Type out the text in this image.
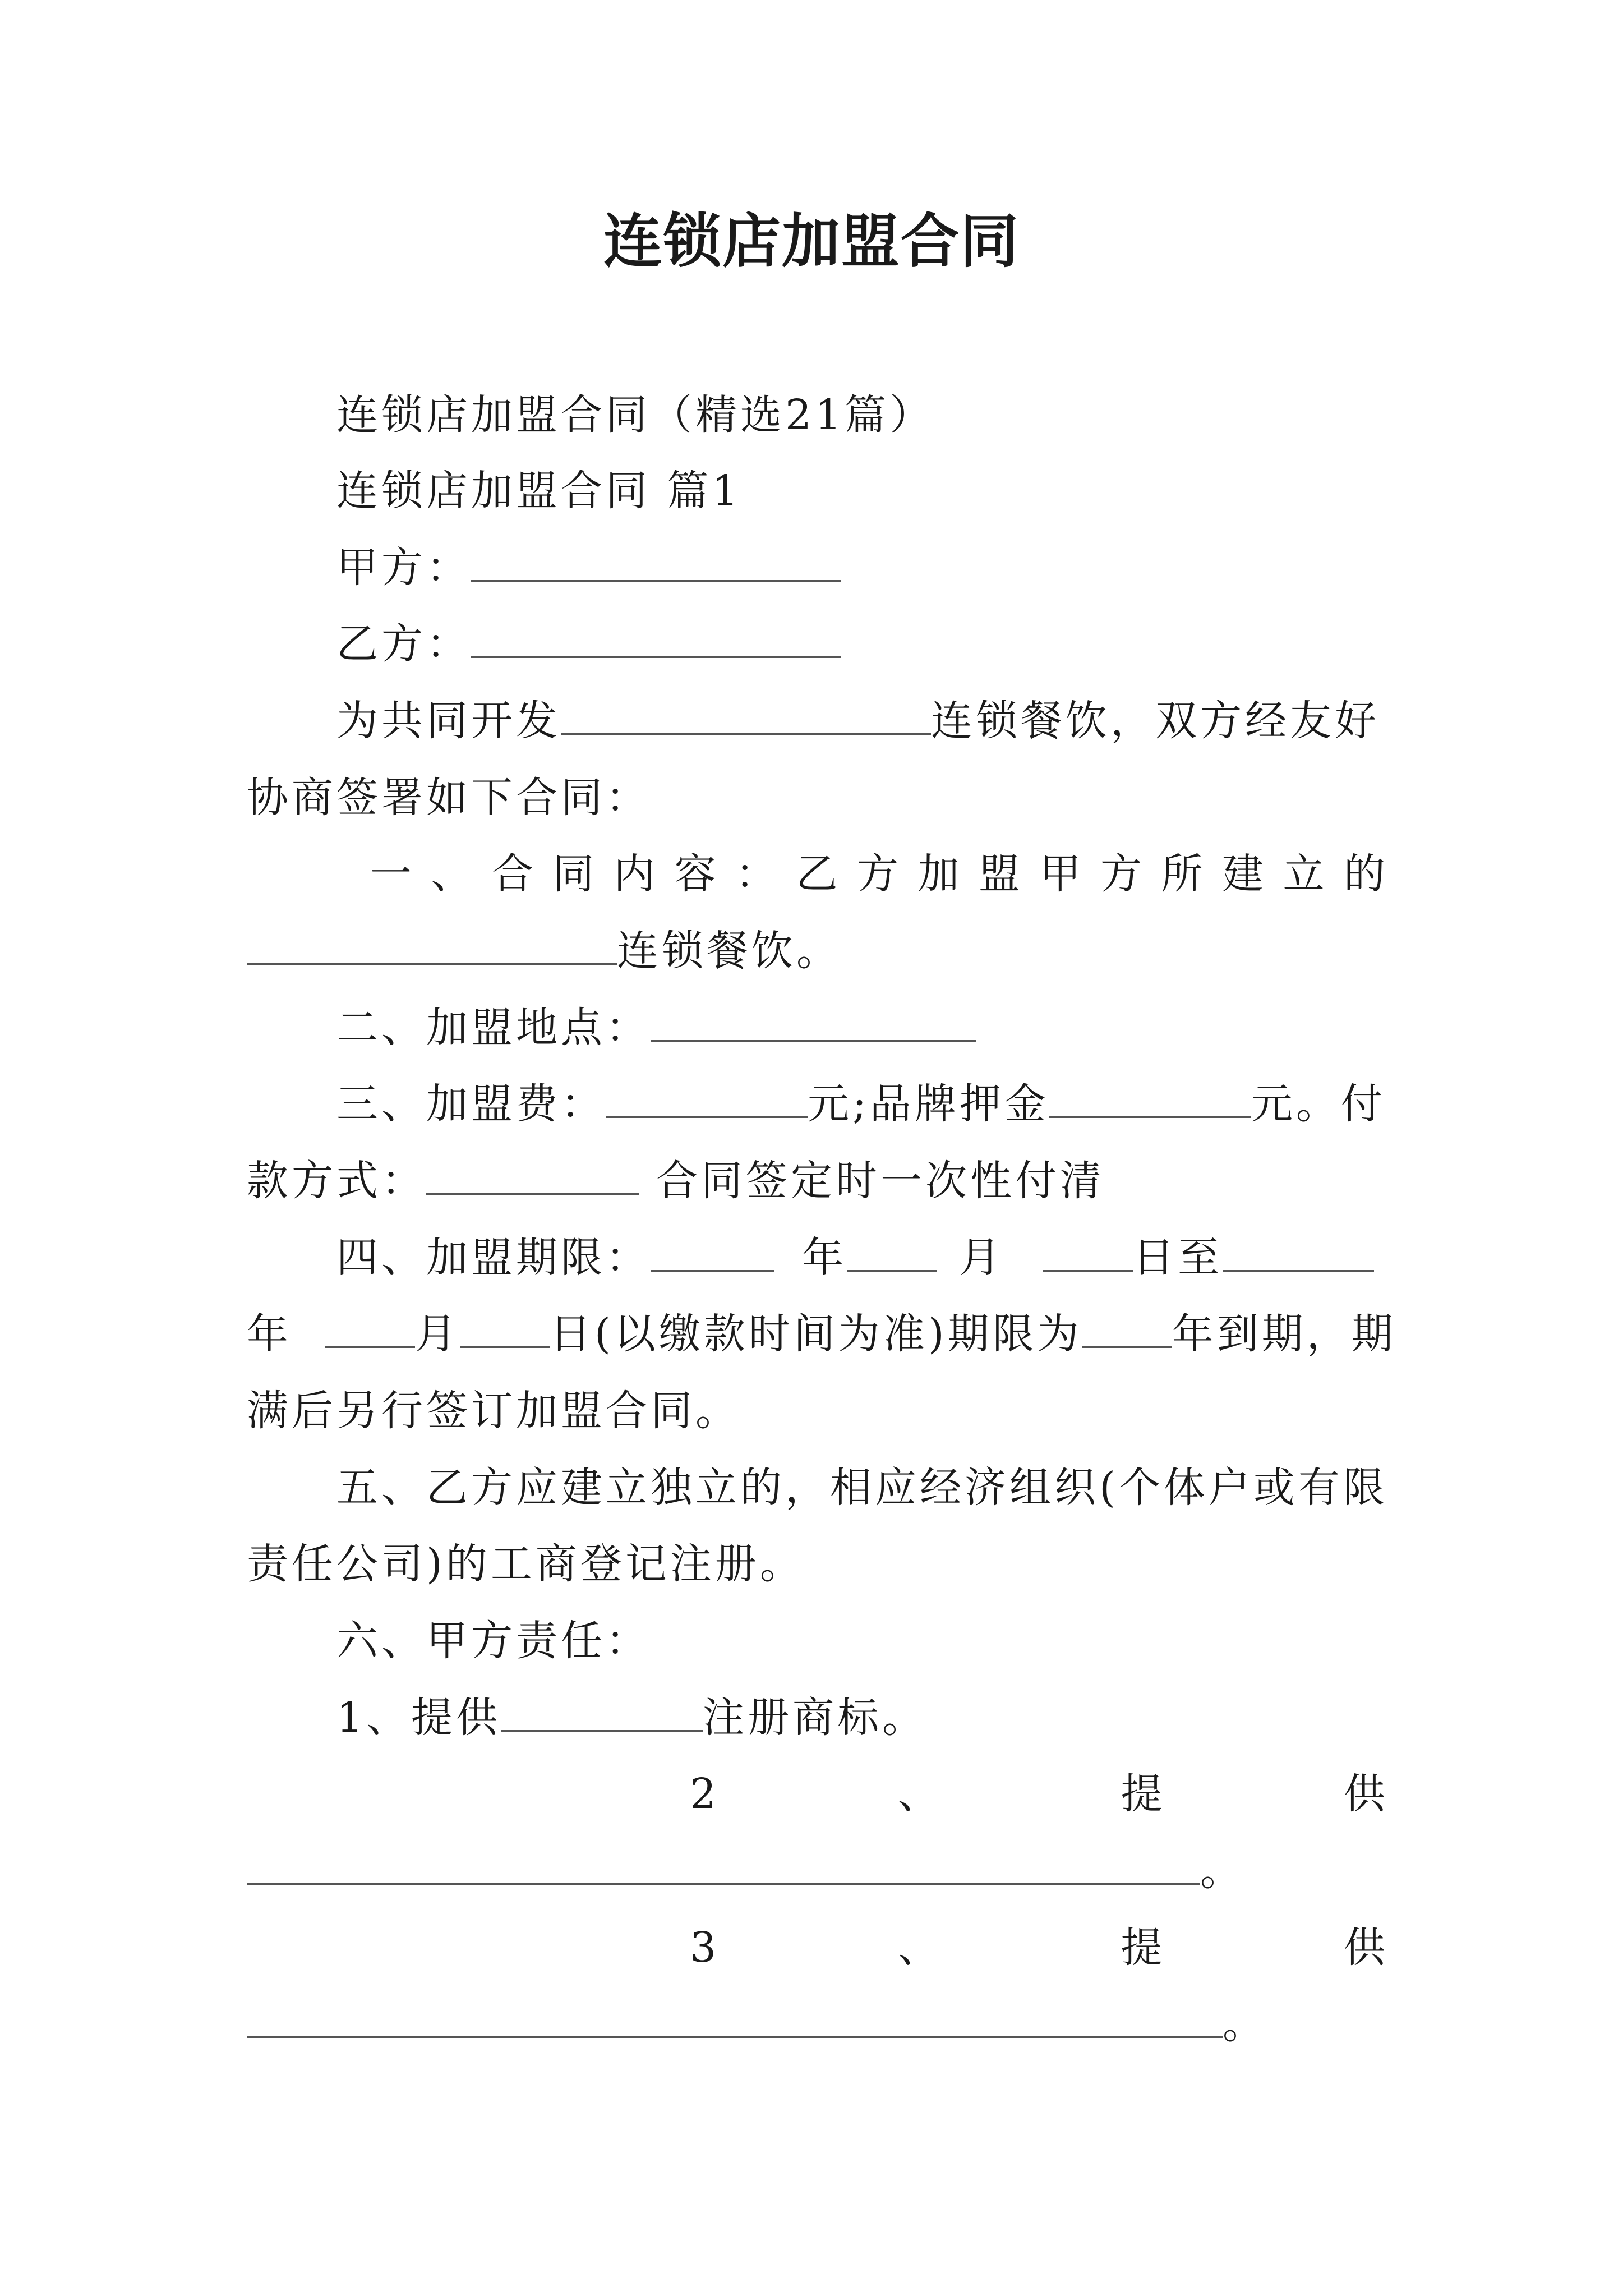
连锁店加盟合同
连锁店加盟合同（精选21篇）
连锁店加盟合同 篇1
甲方：
乙方：
为共同开发	连锁餐饮，双方经友好
协商签署如下合同：
一 、 合 同 内 容 ： 乙 方 加 盟 甲 方 所 建 立 的
连锁餐饮。
二、加盟地点：
三、加盟费：	元;品牌押金	元。付
款方式：	合同签定时一次性付清
四、加盟期限：	年	月	日至
年	月 日(以缴款时间为准)期限为 年到期，期
满后另行签订加盟合同。
五、乙方应建立独立的，相应经济组织(个体户或有限
责任公司)的工商登记注册。
六、甲方责任：
1、提供	注册商标。
2	、	提	供
。
3	、	提	供
。
